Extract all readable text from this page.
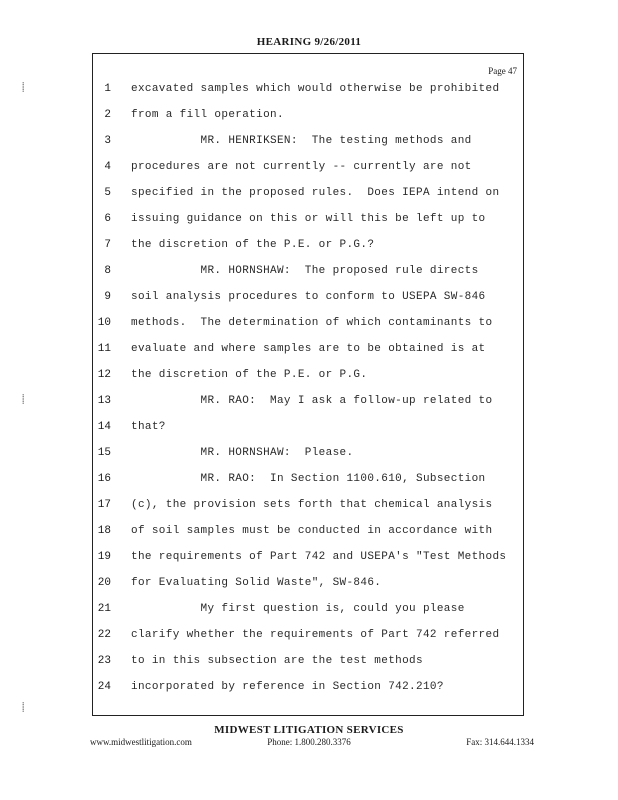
HEARING 9/26/2011
Page 47
1 excavated samples which would otherwise be prohibited
2 from a fill operation.
3 MR. HENRIKSEN:  The testing methods and
4 procedures are not currently -- currently are not
5 specified in the proposed rules.  Does IEPA intend on
6 issuing guidance on this or will this be left up to
7 the discretion of the P.E. or P.G.?
8 MR. HORNSHAW:  The proposed rule directs
9 soil analysis procedures to conform to USEPA SW-846
10 methods.  The determination of which contaminants to
11 evaluate and where samples are to be obtained is at
12 the discretion of the P.E. or P.G.
13 MR. RAO:  May I ask a follow-up related to
14 that?
15 MR. HORNSHAW:  Please.
16 MR. RAO:  In Section 1100.610, Subsection
17 (c), the provision sets forth that chemical analysis
18 of soil samples must be conducted in accordance with
19 the requirements of Part 742 and USEPA's "Test Methods
20 for Evaluating Solid Waste", SW-846.
21 My first question is, could you please
22 clarify whether the requirements of Part 742 referred
23 to in this subsection are the test methods
24 incorporated by reference in Section 742.210?
MIDWEST LITIGATION SERVICES
www.midwestlitigation.com	Phone: 1.800.280.3376	Fax: 314.644.1334
⸽
⸽
⸽
